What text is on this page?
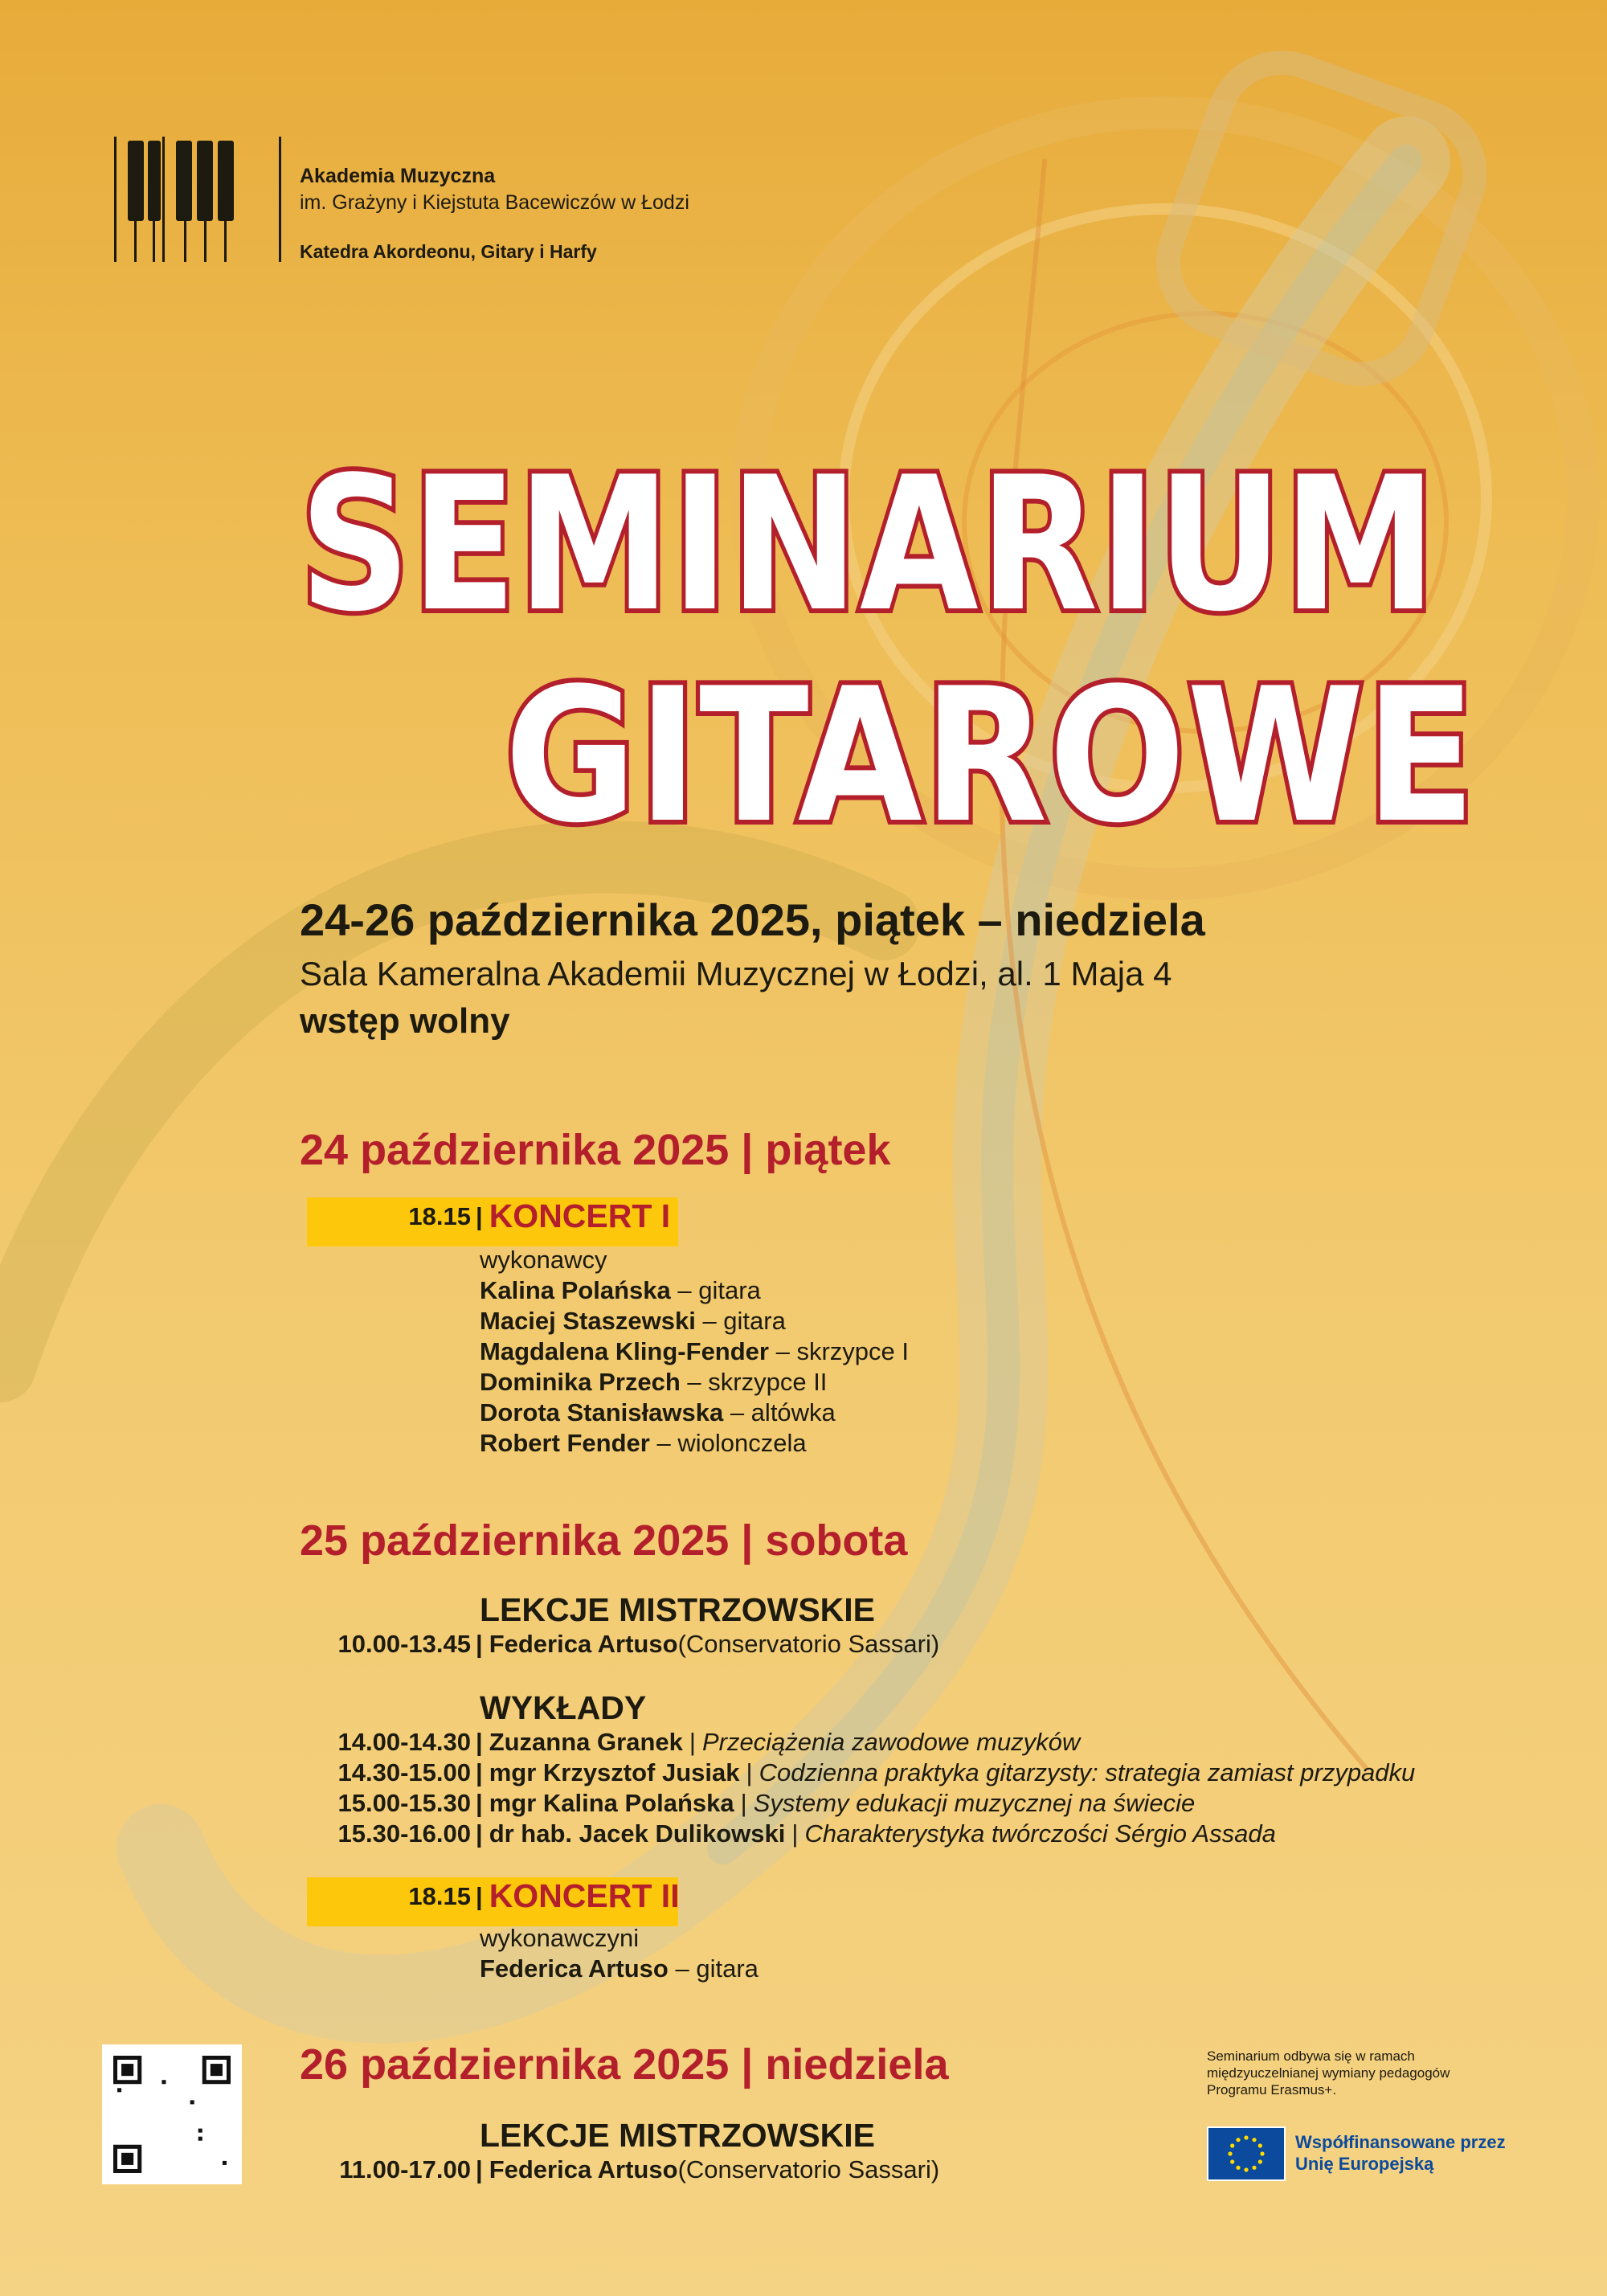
Akademia Muzyczna
im. Grażyny i Kiejstuta Bacewiczów w Łodzi
Katedra Akordeonu, Gitary i Harfy
SEMINARIUM
GITAROWE
24-26 października 2025, piątek – niedziela
Sala Kameralna Akademii Muzycznej w Łodzi, al. 1 Maja 4
wstęp wolny
24 października 2025 | piątek
18.15 | KONCERT I
wykonawcy
Kalina Polańska – gitara
Maciej Staszewski – gitara
Magdalena Kling-Fender – skrzypce I
Dominika Przech – skrzypce II
Dorota Stanisławska – altówka
Robert Fender – wiolonczela
25 października 2025 | sobota
LEKCJE MISTRZOWSKIE
10.00-13.45 | Federica Artuso (Conservatorio Sassari)
WYKŁADY
14.00-14.30 | Zuzanna Granek | Przeciążenia zawodowe muzyków
14.30-15.00 | mgr Krzysztof Jusiak | Codzienna praktyka gitarzysty: strategia zamiast przypadku
15.00-15.30 | mgr Kalina Polańska | Systemy edukacji muzycznej na świecie
15.30-16.00 | dr hab. Jacek Dulikowski | Charakterystyka twórczości Sérgio Assada
18.15 | KONCERT II
wykonawczyni
Federica Artuso – gitara
26 października 2025 | niedziela
LEKCJE MISTRZOWSKIE
11.00-17.00 | Federica Artuso (Conservatorio Sassari)
Seminarium odbywa się w ramach międzyuczelnianej wymiany pedagogów Programu Erasmus+.
Współfinansowane przez
Unię Europejską
